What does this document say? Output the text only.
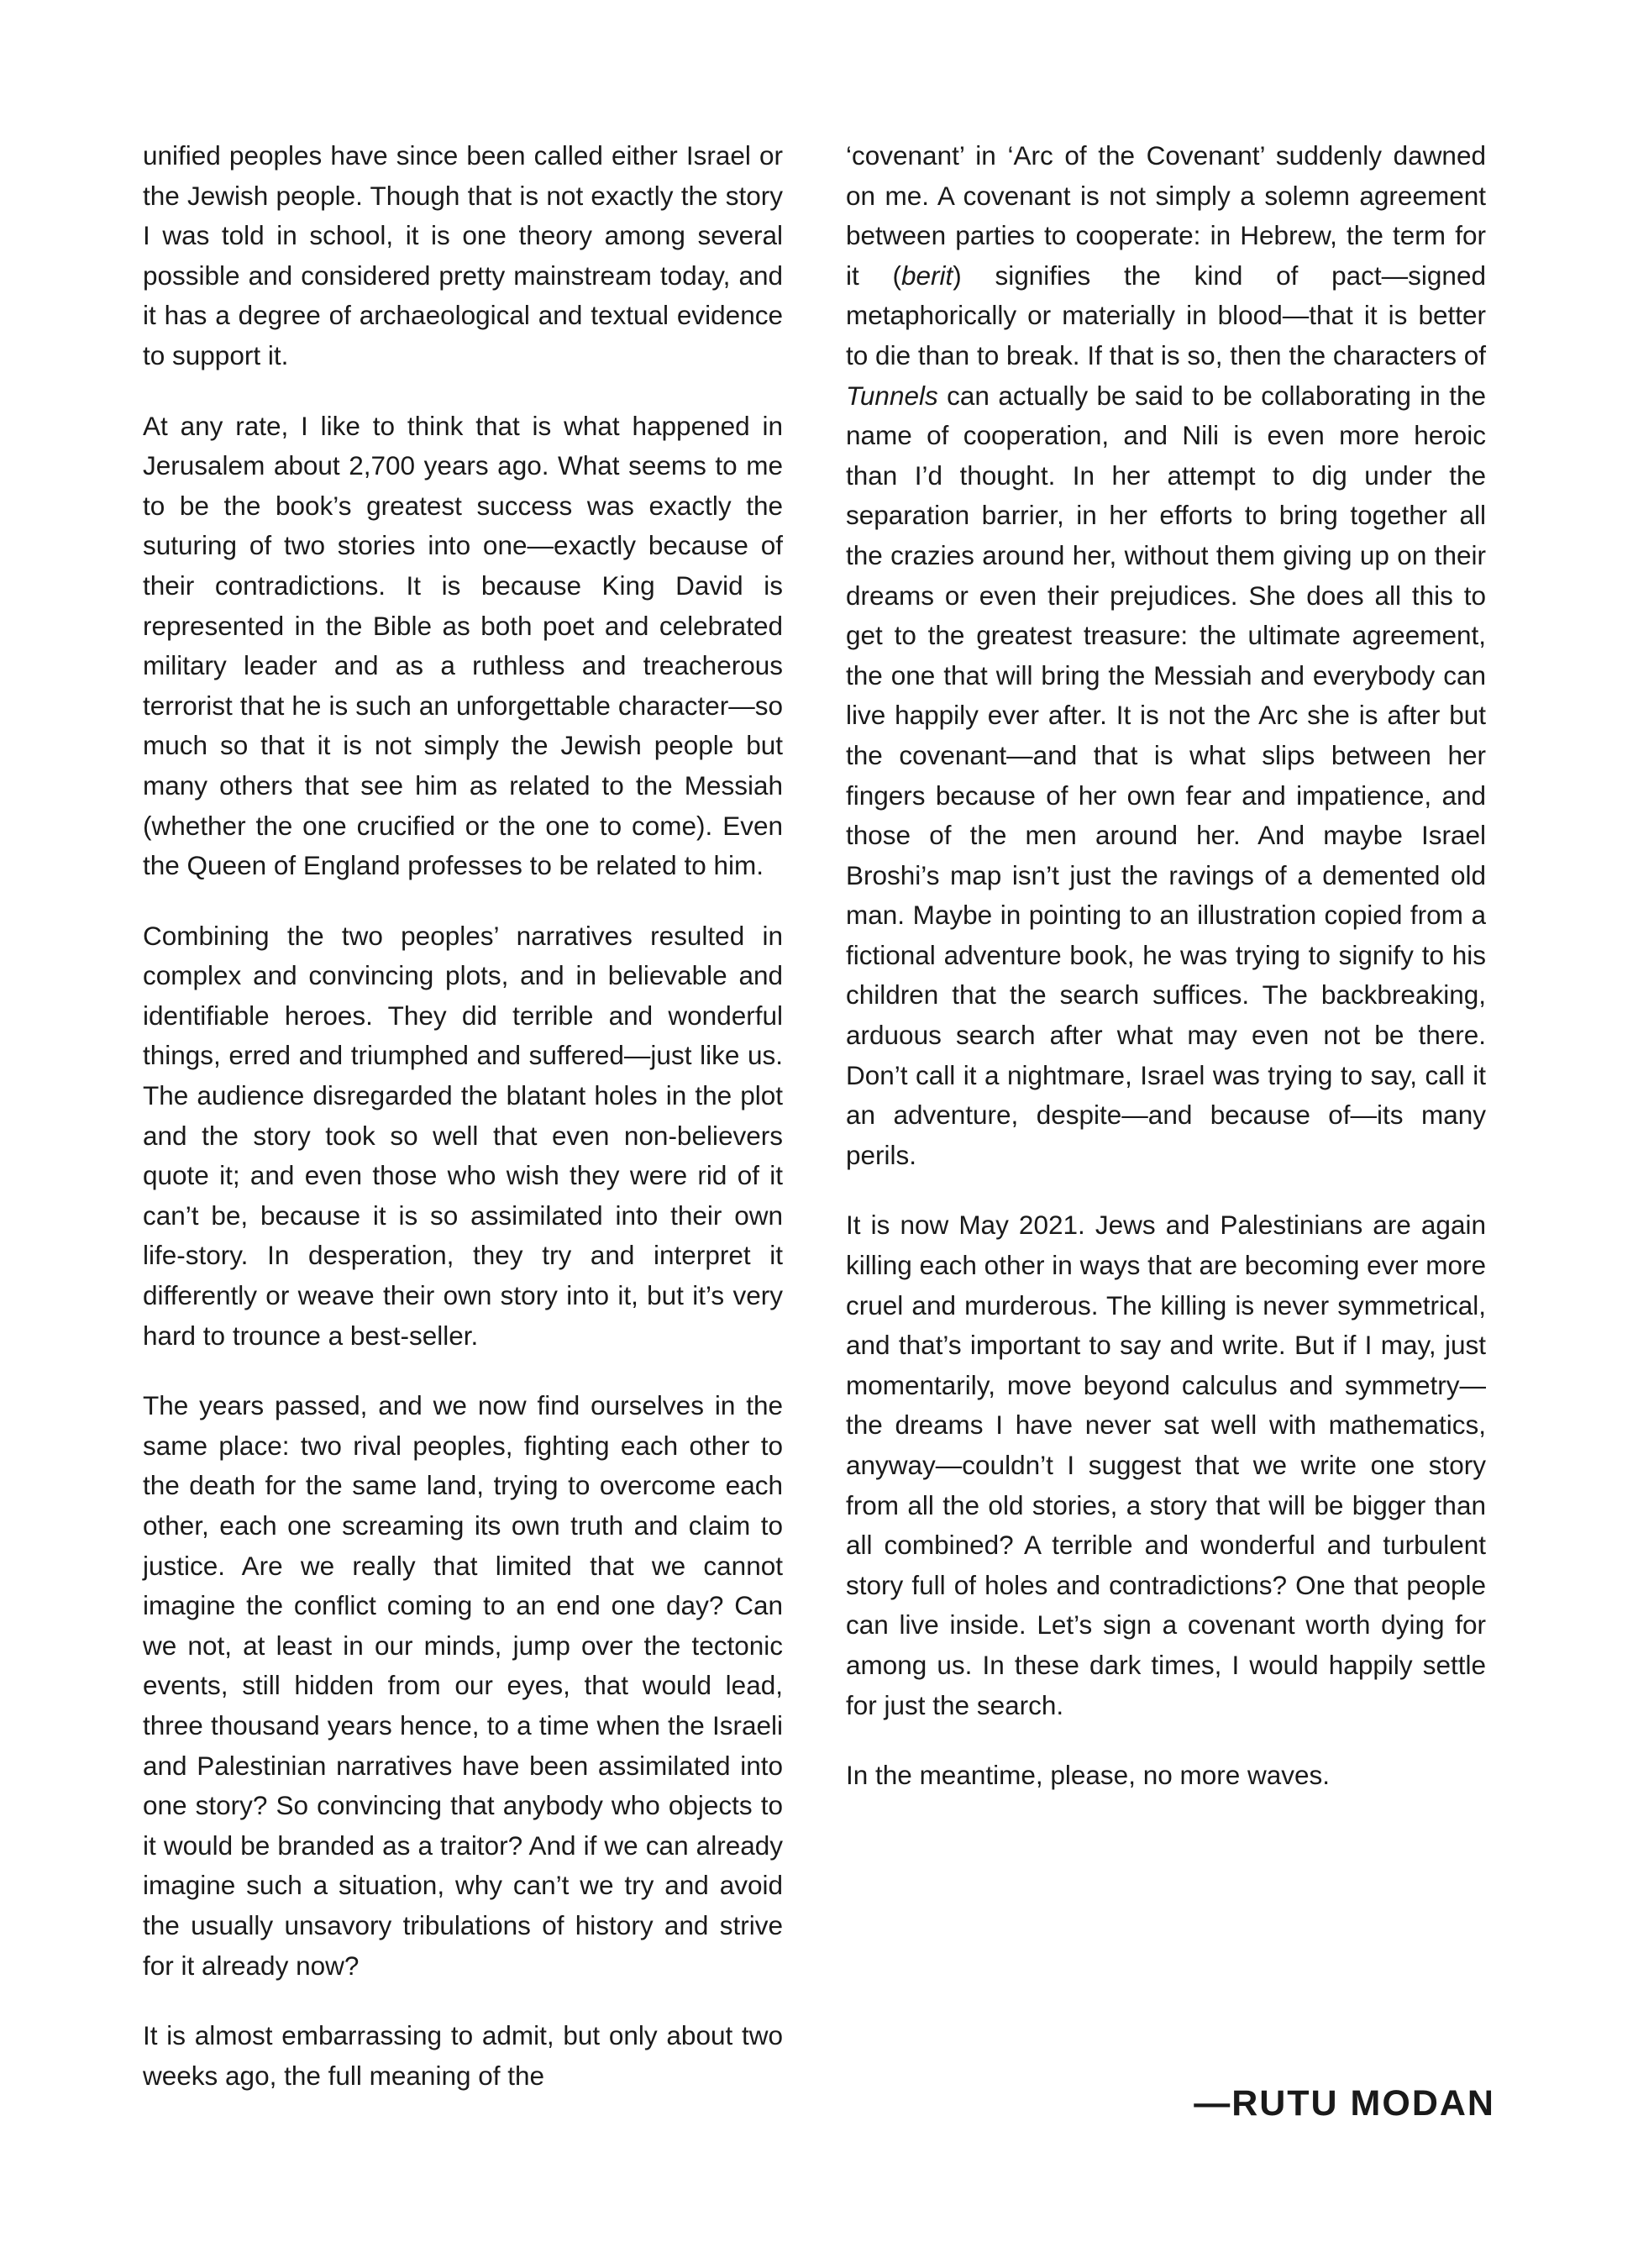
unified peoples have since been called either Israel or the Jewish people. Though that is not exactly the story I was told in school, it is one theory among several possible and considered pretty mainstream today, and it has a degree of archaeological and textual evidence to support it.

At any rate, I like to think that is what happened in Jerusalem about 2,700 years ago. What seems to me to be the book’s greatest success was exactly the suturing of two stories into one—exactly because of their contradictions. It is because King David is represented in the Bible as both poet and celebrated military leader and as a ruthless and treacherous terrorist that he is such an unforgettable character—so much so that it is not simply the Jewish people but many others that see him as related to the Messiah (whether the one crucified or the one to come). Even the Queen of England professes to be related to him.

Combining the two peoples’ narratives resulted in complex and convincing plots, and in believable and identifiable heroes. They did terrible and wonderful things, erred and triumphed and suffered—just like us. The audience disregarded the blatant holes in the plot and the story took so well that even non-believers quote it; and even those who wish they were rid of it can’t be, because it is so assimilated into their own life-story. In desperation, they try and interpret it differently or weave their own story into it, but it’s very hard to trounce a best-seller.

The years passed, and we now find ourselves in the same place: two rival peoples, fighting each other to the death for the same land, trying to overcome each other, each one screaming its own truth and claim to justice. Are we really that limited that we cannot imagine the conflict coming to an end one day? Can we not, at least in our minds, jump over the tectonic events, still hidden from our eyes, that would lead, three thousand years hence, to a time when the Israeli and Palestinian narratives have been assimilated into one story? So convincing that anybody who objects to it would be branded as a traitor? And if we can already imagine such a situation, why can’t we try and avoid the usually unsavory tribulations of history and strive for it already now?

It is almost embarrassing to admit, but only about two weeks ago, the full meaning of the

‘covenant’ in ‘Arc of the Covenant’ suddenly dawned on me. A covenant is not simply a solemn agreement between parties to cooperate: in Hebrew, the term for it (berit) signifies the kind of pact—signed metaphorically or materially in blood—that it is better to die than to break. If that is so, then the characters of Tunnels can actually be said to be collaborating in the name of cooperation, and Nili is even more heroic than I’d thought. In her attempt to dig under the separation barrier, in her efforts to bring together all the crazies around her, without them giving up on their dreams or even their prejudices. She does all this to get to the greatest treasure: the ultimate agreement, the one that will bring the Messiah and everybody can live happily ever after. It is not the Arc she is after but the covenant—and that is what slips between her fingers because of her own fear and impatience, and those of the men around her. And maybe Israel Broshi’s map isn’t just the ravings of a demented old man. Maybe in pointing to an illustration copied from a fictional adventure book, he was trying to signify to his children that the search suffices. The backbreaking, arduous search after what may even not be there. Don’t call it a nightmare, Israel was trying to say, call it an adventure, despite—and because of—its many perils.

It is now May 2021. Jews and Palestinians are again killing each other in ways that are becoming ever more cruel and murderous. The killing is never symmetrical, and that’s important to say and write. But if I may, just momentarily, move beyond calculus and symmetry—the dreams I have never sat well with mathematics, anyway—couldn’t I suggest that we write one story from all the old stories, a story that will be bigger than all combined? A terrible and wonderful and turbulent story full of holes and contradictions? One that people can live inside. Let’s sign a covenant worth dying for among us. In these dark times, I would happily settle for just the search.

In the meantime, please, no more waves.

—RUTU MODAN
